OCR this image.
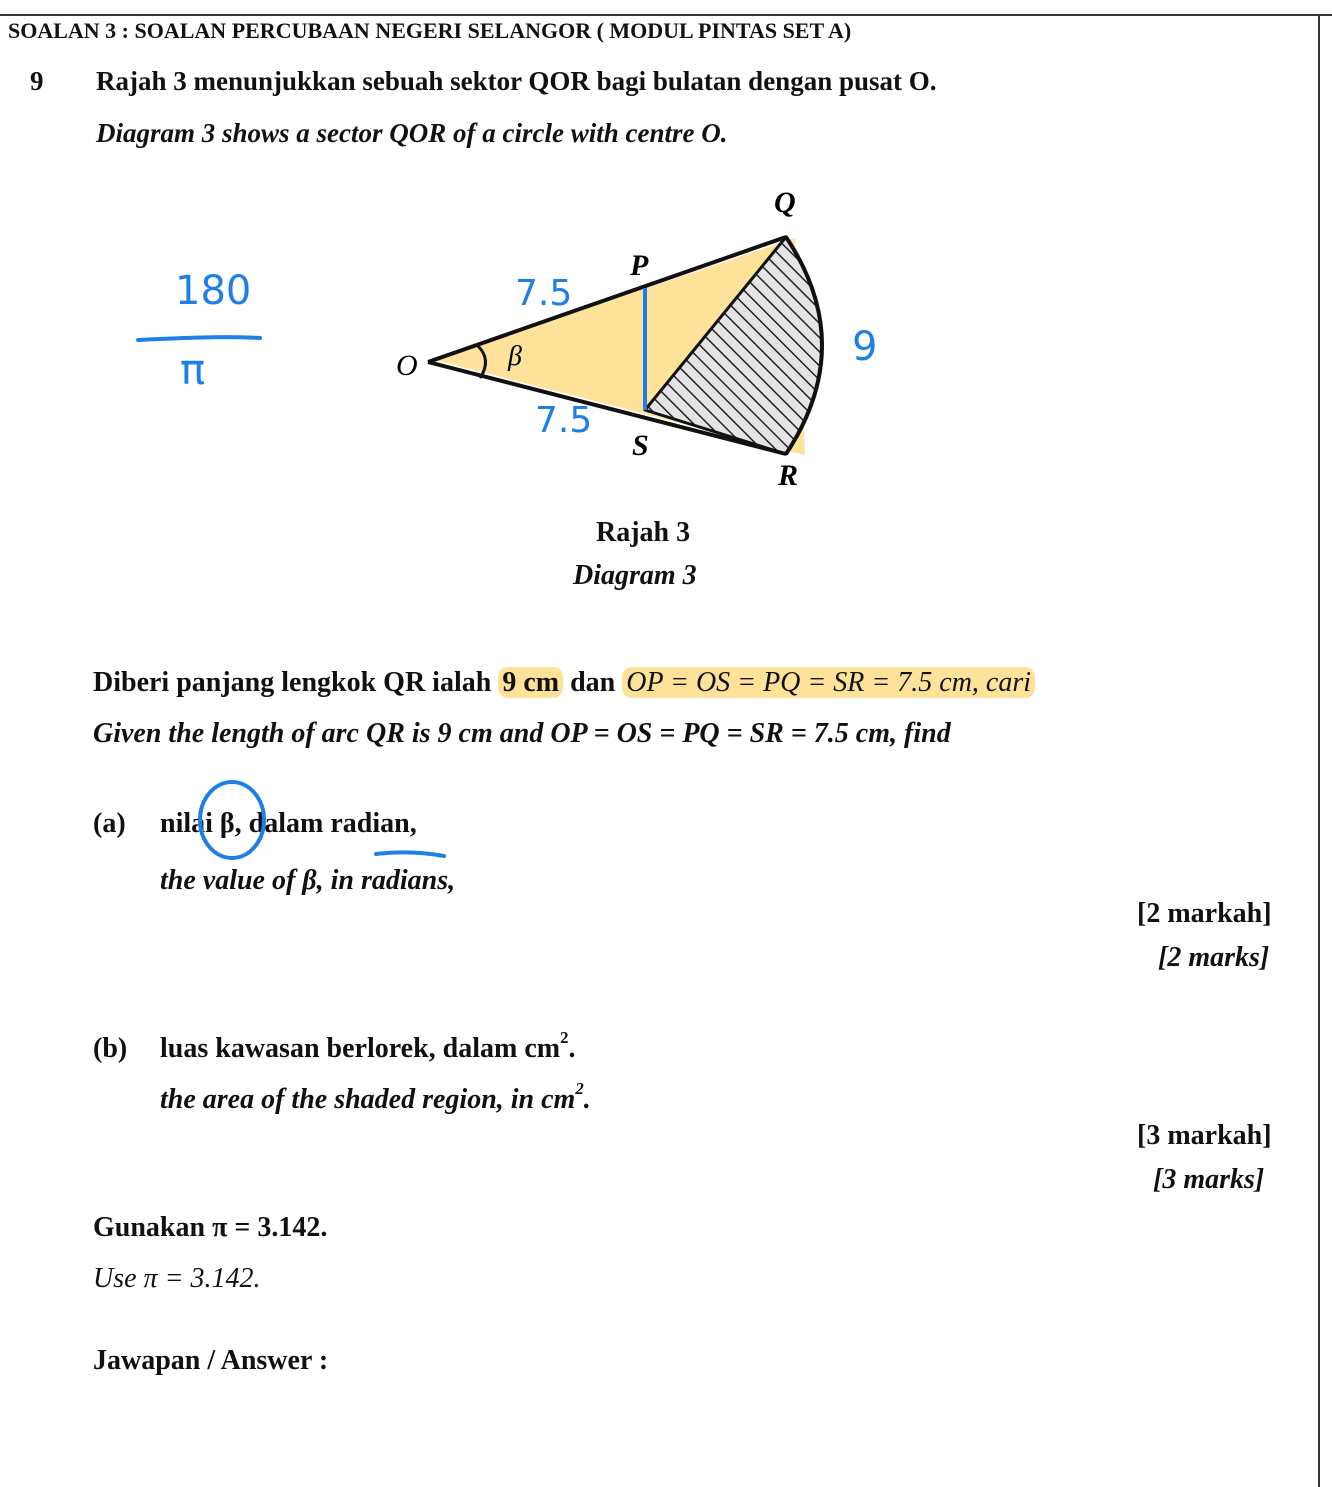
SOALAN 3 : SOALAN PERCUBAAN NEGERI SELANGOR ( MODUL PINTAS SET A)
9 Rajah 3 menunjukkan sebuah sektor QOR bagi bulatan dengan pusat O.
Diagram 3 shows a sector QOR of a circle with centre O.
180
π	O
P
Q
R
S
β
7.5
7.5
9
Rajah 3
Diagram 3
Diberi panjang lengkok QR ialah 9 cm dan OP = OS = PQ = SR = 7.5 cm, cari
Given the length of arc QR is 9 cm and OP = OS = PQ = SR = 7.5 cm, find
(a) nilai β, dalam radian,
the value of β, in radians,
[2 markah]
[2 marks]
(b) luas kawasan berlorek, dalam $cm^2$.
the area of the shaded region, in $cm^2$.
[3 markah]
[3 marks]
Gunakan π = 3.142.
Use π = 3.142.
Jawapan / Answer :
